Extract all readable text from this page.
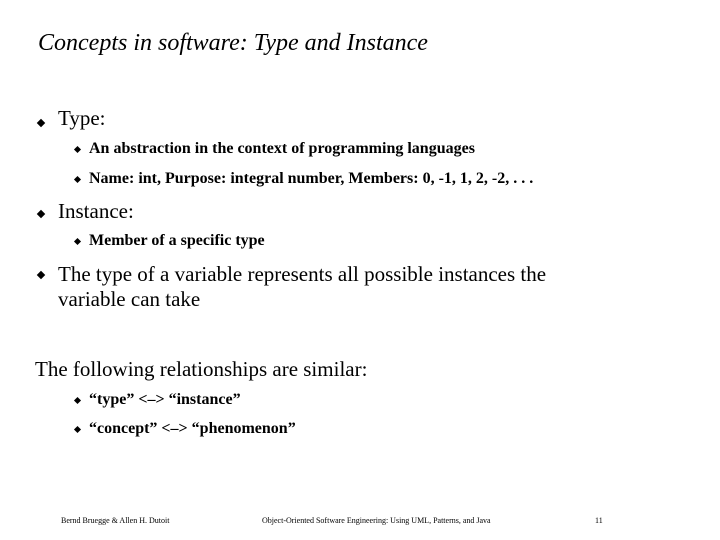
Concepts in software: Type and Instance
Type:
An abstraction in the context of programming languages
Name: int, Purpose: integral number, Members: 0, -1, 1, 2, -2, . . .
Instance:
Member of a specific type
The type of a variable represents all possible instances the
variable can take
The following relationships are similar:
“type” <–> “instance”
“concept” <–> “phenomenon”
Bernd Bruegge & Allen H. Dutoit	Object-Oriented Software Engineering: Using UML, Patterns, and Java	11
